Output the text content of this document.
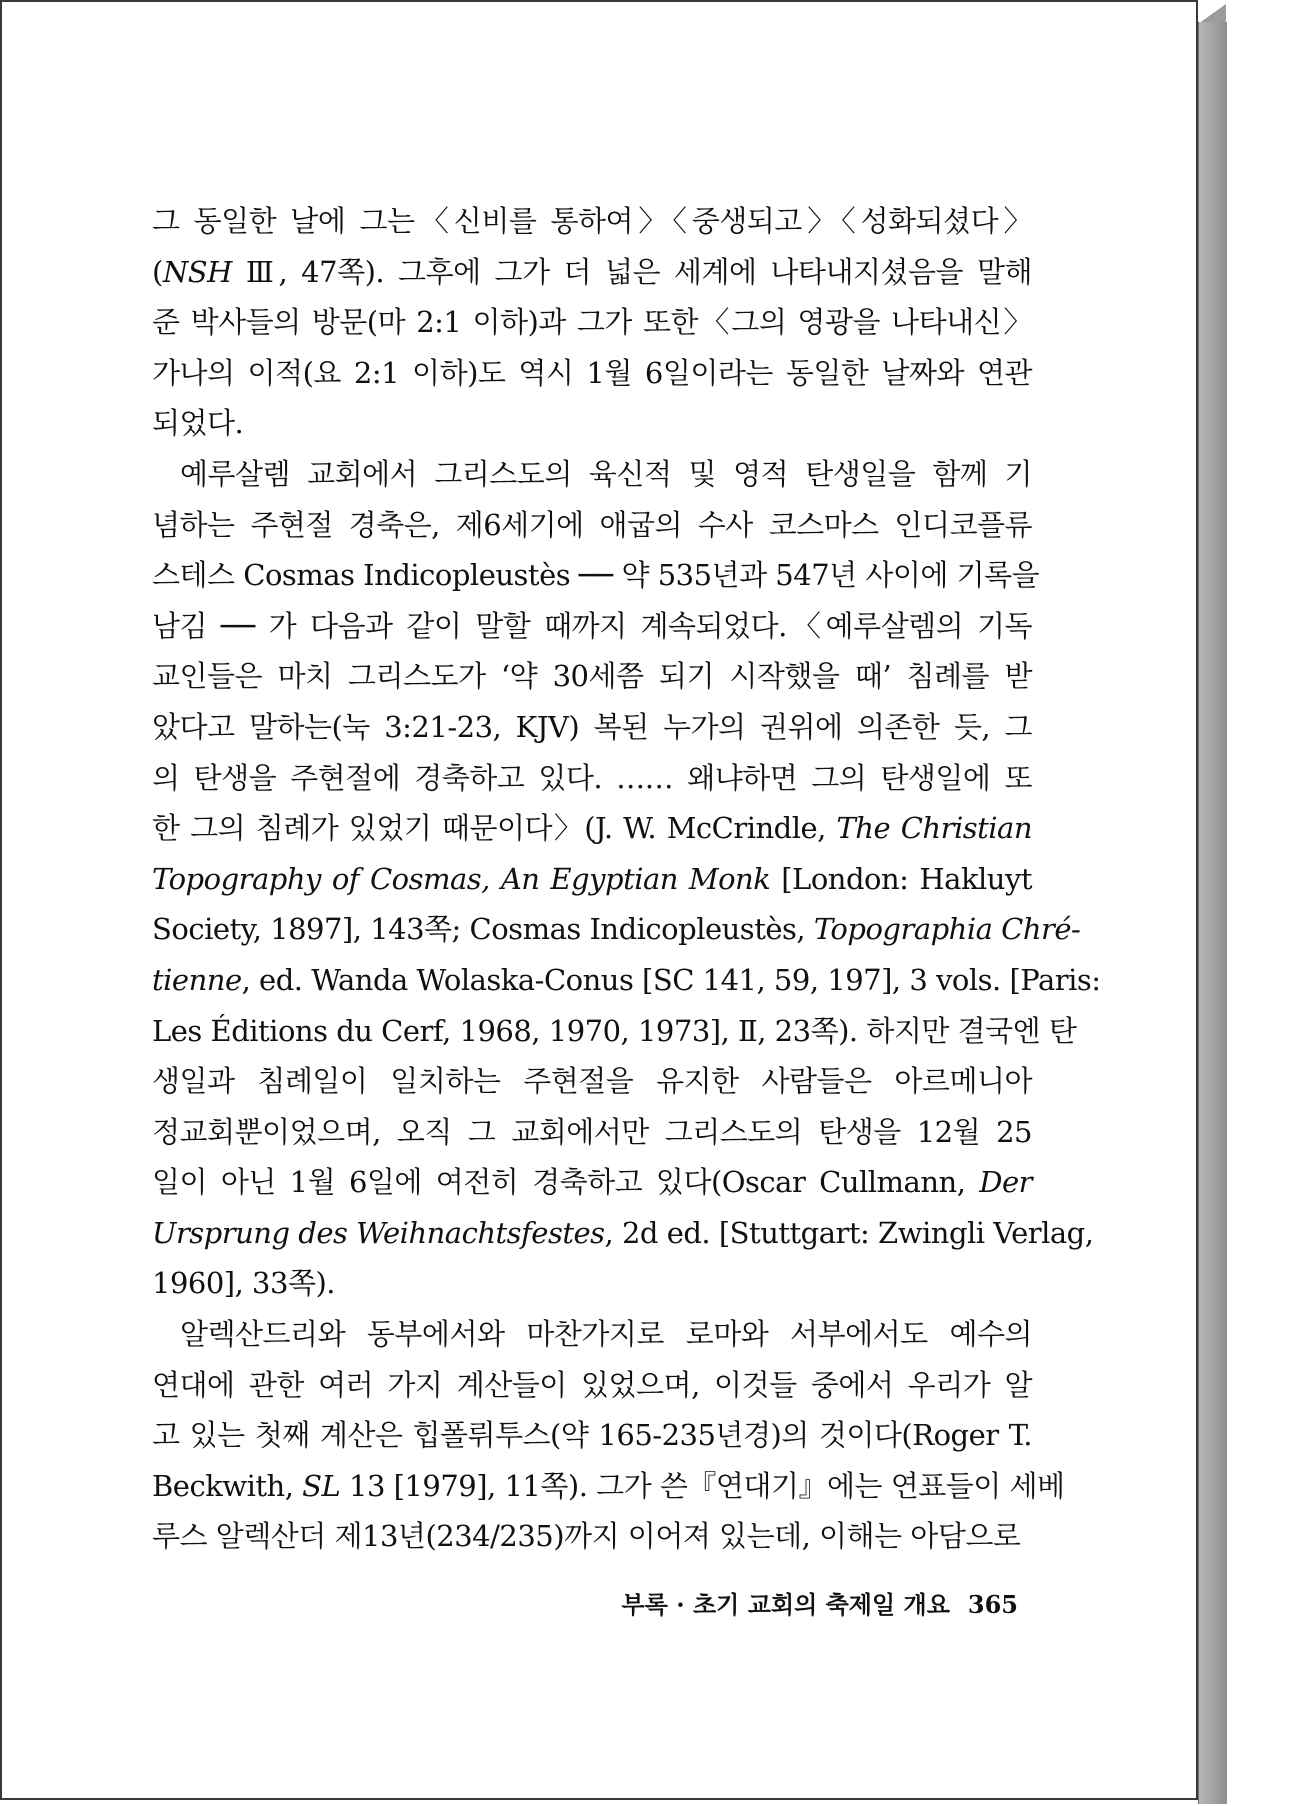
그 동일한 날에 그는〈신비를 통하여〉〈중생되고〉〈성화되셨다〉
(NSH Ⅲ, 47쪽). 그후에 그가 더 넓은 세계에 나타내지셨음을 말해
준 박사들의 방문(마 2:1 이하)과 그가 또한〈그의 영광을 나타내신〉
가나의 이적(요 2:1 이하)도 역시 1월 6일이라는 동일한 날짜와 연관
되었다.
예루살렘 교회에서 그리스도의 육신적 및 영적 탄생일을 함께 기
념하는 주현절 경축은, 제6세기에 애굽의 수사 코스마스 인디코플류
스테스 Cosmas Indicopleustès ── 약 535년과 547년 사이에 기록을
남김 ── 가 다음과 같이 말할 때까지 계속되었다.〈예루살렘의 기독
교인들은 마치 그리스도가 ‘약 30세쯤 되기 시작했을 때’ 침례를 받
았다고 말하는(눅 3:21-23, KJV) 복된 누가의 권위에 의존한 듯, 그
의 탄생을 주현절에 경축하고 있다. …… 왜냐하면 그의 탄생일에 또
한 그의 침례가 있었기 때문이다〉(J. W. McCrindle, The Christian
Topography of Cosmas, An Egyptian Monk [London: Hakluyt
Society, 1897], 143쪽; Cosmas Indicopleustès, Topographia Chré-
tienne, ed. Wanda Wolaska-Conus [SC 141, 59, 197], 3 vols. [Paris:
Les Éditions du Cerf, 1968, 1970, 1973], Ⅱ, 23쪽). 하지만 결국엔 탄
생일과 침례일이 일치하는 주현절을 유지한 사람들은 아르메니아
정교회뿐이었으며, 오직 그 교회에서만 그리스도의 탄생을 12월 25
일이 아닌 1월 6일에 여전히 경축하고 있다(Oscar Cullmann, Der
Ursprung des Weihnachtsfestes, 2d ed. [Stuttgart: Zwingli Verlag,
1960], 33쪽).
알렉산드리와 동부에서와 마찬가지로 로마와 서부에서도 예수의
연대에 관한 여러 가지 계산들이 있었으며, 이것들 중에서 우리가 알
고 있는 첫째 계산은 힙폴뤼투스(약 165-235년경)의 것이다(Roger T.
Beckwith, SL 13 [1979], 11쪽). 그가 쓴『연대기』에는 연표들이 세베
루스 알렉산더 제13년(234/235)까지 이어져 있는데, 이해는 아담으로
부록 · 초기 교회의 축제일 개요 365
